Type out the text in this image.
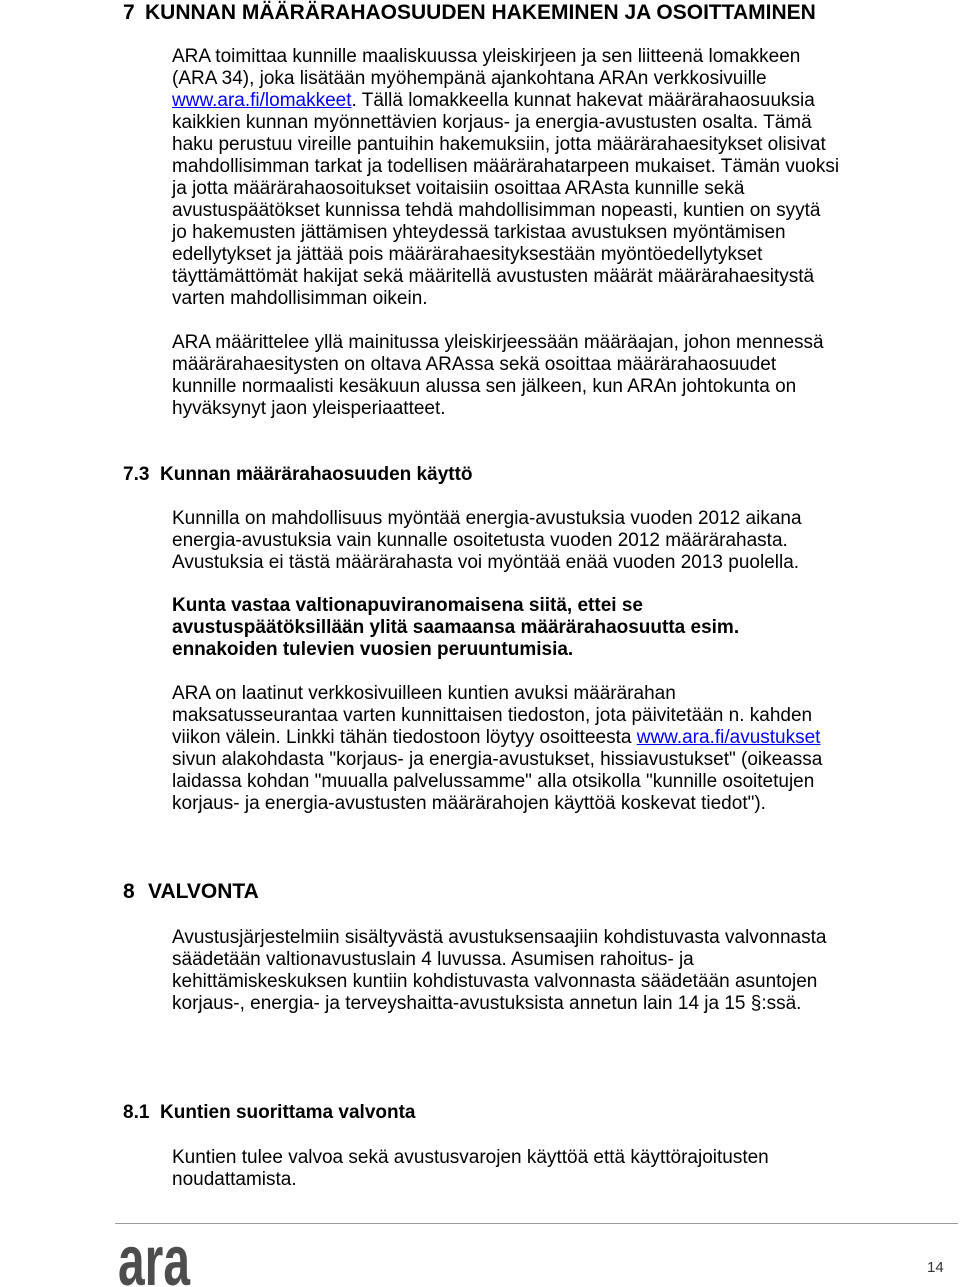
7 KUNNAN MÄÄRÄRAHAOSUUDEN HAKEMINEN JA OSOITTAMINEN
ARA toimittaa kunnille maaliskuussa yleiskirjeen ja sen liitteenä lomakkeen
(ARA 34), joka lisätään myöhempänä ajankohtana ARAn verkkosivuille
www.ara.fi/lomakkeet. Tällä lomakkeella kunnat hakevat määrärahaosuuksia
kaikkien kunnan myönnettävien korjaus- ja energia-avustusten osalta. Tämä
haku perustuu vireille pantuihin hakemuksiin, jotta määrärahaesitykset olisivat
mahdollisimman tarkat ja todellisen määrärahatarpeen mukaiset. Tämän vuoksi
ja jotta määrärahaosoitukset voitaisiin osoittaa ARAsta kunnille sekä
avustuspäätökset kunnissa tehdä mahdollisimman nopeasti, kuntien on syytä
jo hakemusten jättämisen yhteydessä tarkistaa avustuksen myöntämisen
edellytykset ja jättää pois määrärahaesityksestään myöntöedellytykset
täyttämättömät hakijat sekä määritellä avustusten määrät määrärahaesitystä
varten mahdollisimman oikein.
ARA määrittelee yllä mainitussa yleiskirjeessään määräajan, johon mennessä
määrärahaesitysten on oltava ARAssa sekä osoittaa määrärahaosuudet
kunnille normaalisti kesäkuun alussa sen jälkeen, kun ARAn johtokunta on
hyväksynyt jaon yleisperiaatteet.
7.3 Kunnan määrärahaosuuden käyttö
Kunnilla on mahdollisuus myöntää energia-avustuksia vuoden 2012 aikana
energia-avustuksia vain kunnalle osoitetusta vuoden 2012 määrärahasta.
Avustuksia ei tästä määrärahasta voi myöntää enää vuoden 2013 puolella.
Kunta vastaa valtionapuviranomaisena siitä, ettei se
avustuspäätöksillään ylitä saamaansa määrärahaosuutta esim.
ennakoiden tulevien vuosien peruuntumisia.
ARA on laatinut verkkosivuilleen kuntien avuksi määrärahan
maksatusseurantaa varten kunnittaisen tiedoston, jota päivitetään n. kahden
viikon välein. Linkki tähän tiedostoon löytyy osoitteesta www.ara.fi/avustukset
sivun alakohdasta "korjaus- ja energia-avustukset, hissiavustukset" (oikeassa
laidassa kohdan "muualla palvelussamme" alla otsikolla "kunnille osoitetujen
korjaus- ja energia-avustusten määrärahojen käyttöä koskevat tiedot").
8 VALVONTA
Avustusjärjestelmiin sisältyvästä avustuksensaajiin kohdistuvasta valvonnasta
säädetään valtionavustuslain 4 luvussa. Asumisen rahoitus- ja
kehittämiskeskuksen kuntiin kohdistuvasta valvonnasta säädetään asuntojen
korjaus-, energia- ja terveyshaitta-avustuksista annetun lain 14 ja 15 §:ssä.
8.1 Kuntien suorittama valvonta
Kuntien tulee valvoa sekä avustusvarojen käyttöä että käyttörajoitusten
noudattamista.
ara	14
